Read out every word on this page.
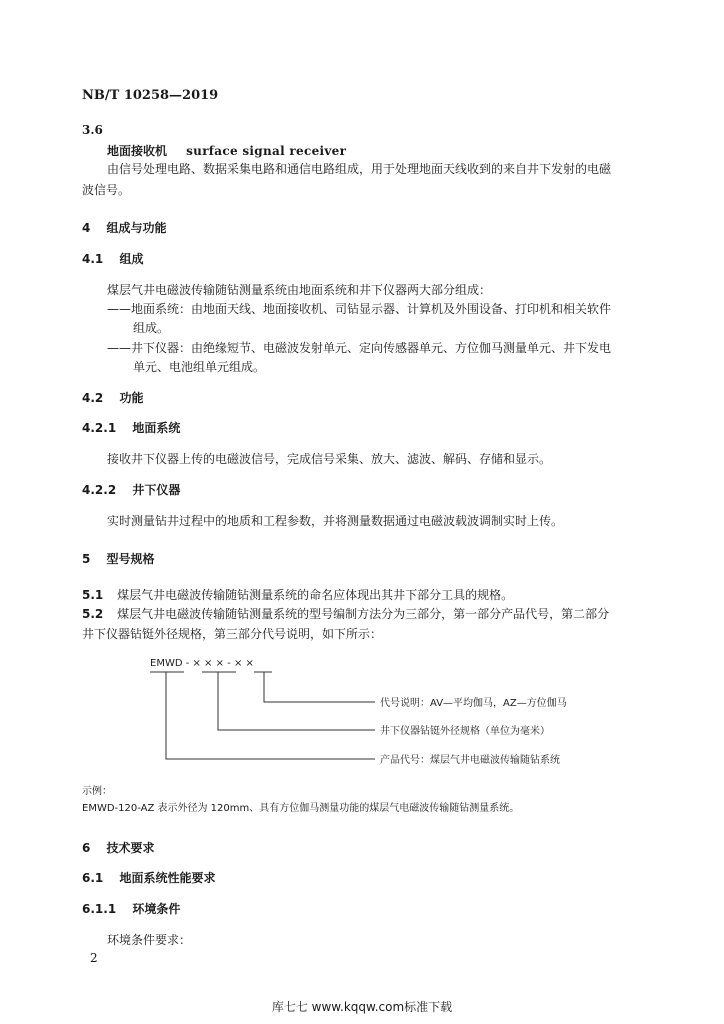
NB/T 10258—2019
3.6
地面接收机 surface signal receiver
由信号处理电路、数据采集电路和通信电路组成，用于处理地面天线收到的来自井下发射的电磁
波信号。
4 组成与功能
4.1 组成
煤层气井电磁波传输随钻测量系统由地面系统和井下仪器两大部分组成：
——地面系统：由地面天线、地面接收机、司钻显示器、计算机及外围设备、打印机和相关软件
组成。
——井下仪器：由绝缘短节、电磁波发射单元、定向传感器单元、方位伽马测量单元、井下发电
单元、电池组单元组成。
4.2 功能
4.2.1 地面系统
接收井下仪器上传的电磁波信号，完成信号采集、放大、滤波、解码、存储和显示。
4.2.2 井下仪器
实时测量钻井过程中的地质和工程参数，并将测量数据通过电磁波载波调制实时上传。
5 型号规格
5.1 煤层气井电磁波传输随钻测量系统的命名应体现出其井下部分工具的规格。
5.2 煤层气井电磁波传输随钻测量系统的型号编制方法分为三部分，第一部分产品代号，第二部分
井下仪器钻铤外径规格，第三部分代号说明，如下所示：
EMWD - × × × - × ×
代号说明：AV—平均伽马，AZ—方位伽马
井下仪器钻铤外径规格（单位为毫米）
产品代号：煤层气井电磁波传输随钻系统
示例：
EMWD-120-AZ 表示外径为 120mm、具有方位伽马测量功能的煤层气电磁波传输随钻测量系统。
6 技术要求
6.1 地面系统性能要求
6.1.1 环境条件
环境条件要求：
2
库七七 www.kqqw.com标准下载
